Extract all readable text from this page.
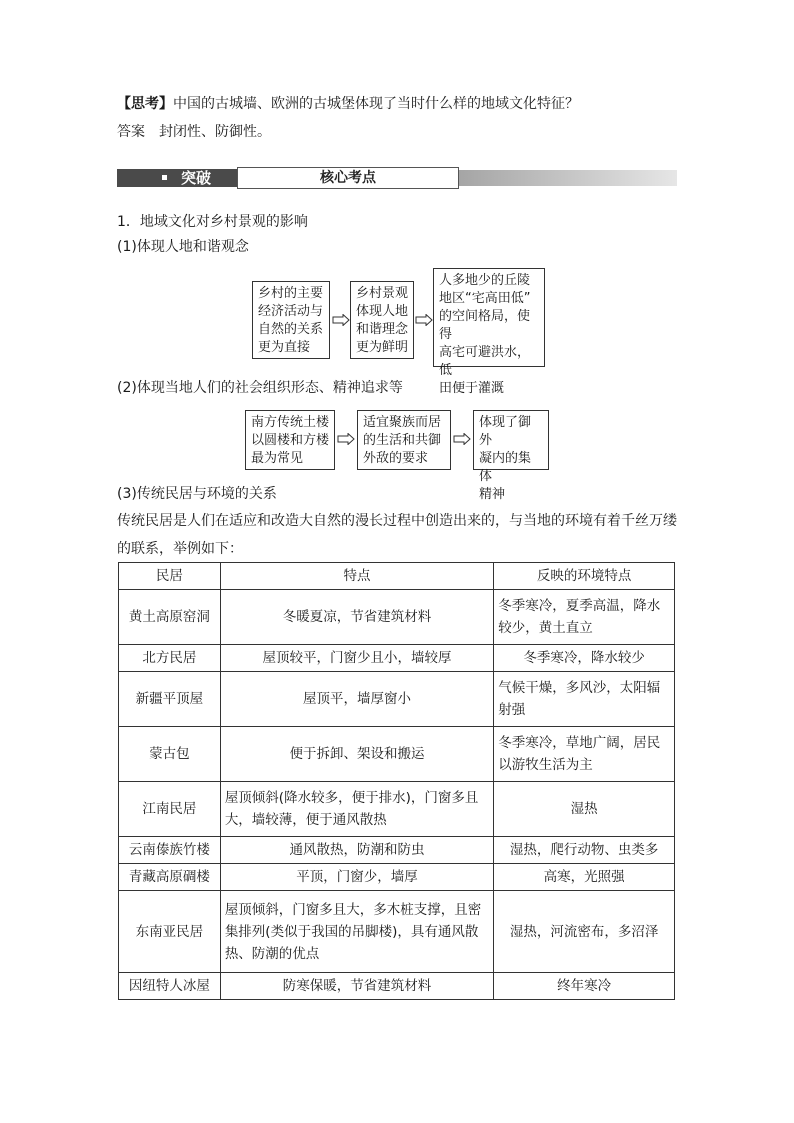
【思考】中国的古城墙、欧洲的古城堡体现了当时什么样的地域文化特征？
答案 封闭性、防御性。
突破	核心考点
1．地域文化对乡村景观的影响
(1)体现人地和谐观念
乡村的主要
经济活动与
自然的关系
更为直接
乡村景观
体现人地
和谐理念
更为鲜明
人多地少的丘陵
地区“宅高田低”
的空间格局，使得
高宅可避洪水，低
田便于灌溉
(2)体现当地人们的社会组织形态、精神追求等
南方传统土楼
以圆楼和方楼
最为常见
适宜聚族而居
的生活和共御
外敌的要求
体现了御外
凝内的集体
精神
(3)传统民居与环境的关系
传统民居是人们在适应和改造大自然的漫长过程中创造出来的，与当地的环境有着千丝万缕
的联系，举例如下：
民居	特点	反映的环境特点
黄土高原窑洞	冬暖夏凉，节省建筑材料	冬季寒冷，夏季高温，降水较少，黄土直立
北方民居	屋顶较平，门窗少且小，墙较厚	冬季寒冷，降水较少
新疆平顶屋	屋顶平，墙厚窗小	气候干燥，多风沙，太阳辐射强
蒙古包	便于拆卸、架设和搬运	冬季寒冷，草地广阔，居民以游牧生活为主
江南民居	屋顶倾斜(降水较多，便于排水)，门窗多且大，墙较薄，便于通风散热	湿热
云南傣族竹楼	通风散热，防潮和防虫	湿热，爬行动物、虫类多
青藏高原碉楼	平顶，门窗少，墙厚	高寒，光照强
东南亚民居	屋顶倾斜，门窗多且大，多木桩支撑，且密集排列(类似于我国的吊脚楼)，具有通风散热、防潮的优点	湿热，河流密布，多沼泽
因纽特人冰屋	防寒保暖，节省建筑材料	终年寒冷
